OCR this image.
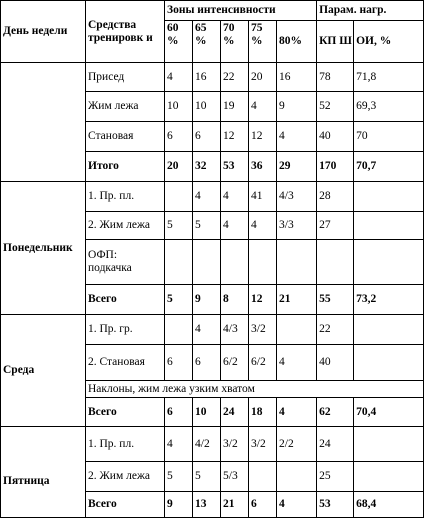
День недели	Средства тренировк и	Зоны интенсивности					Парам. нагр.	
		60 %	65 %	70 %	75 %	80%	КП Ш	ОИ, %
	Присед	4	16	22	20	16	78	71,8
	Жим лежа	10	10	19	4	9	52	69,3
	Становая	6	6	12	12	4	40	70
	Итого	20	32	53	36	29	170	70,7
Понедельник	1. Пр. пл.		4	4	41	4/3	28	
	2. Жим лежа	5	5	4	4	3/3	27	
	ОФП: подкачка							
	Всего	5	9	8	12	21	55	73,2
Среда	1. Пр. гр.		4	4/3	3/2		22	
	2. Становая	6	6	6/2	6/2	4	40	
	Наклоны, жим лежа узким хватом							
	Всего	6	10	24	18	4	62	70,4
Пятница	1. Пр. пл.	4	4/2	3/2	3/2	2/2	24	
	2. Жим лежа	5	5	5/3			25	
	Всего	9	13	21	6	4	53	68,4
